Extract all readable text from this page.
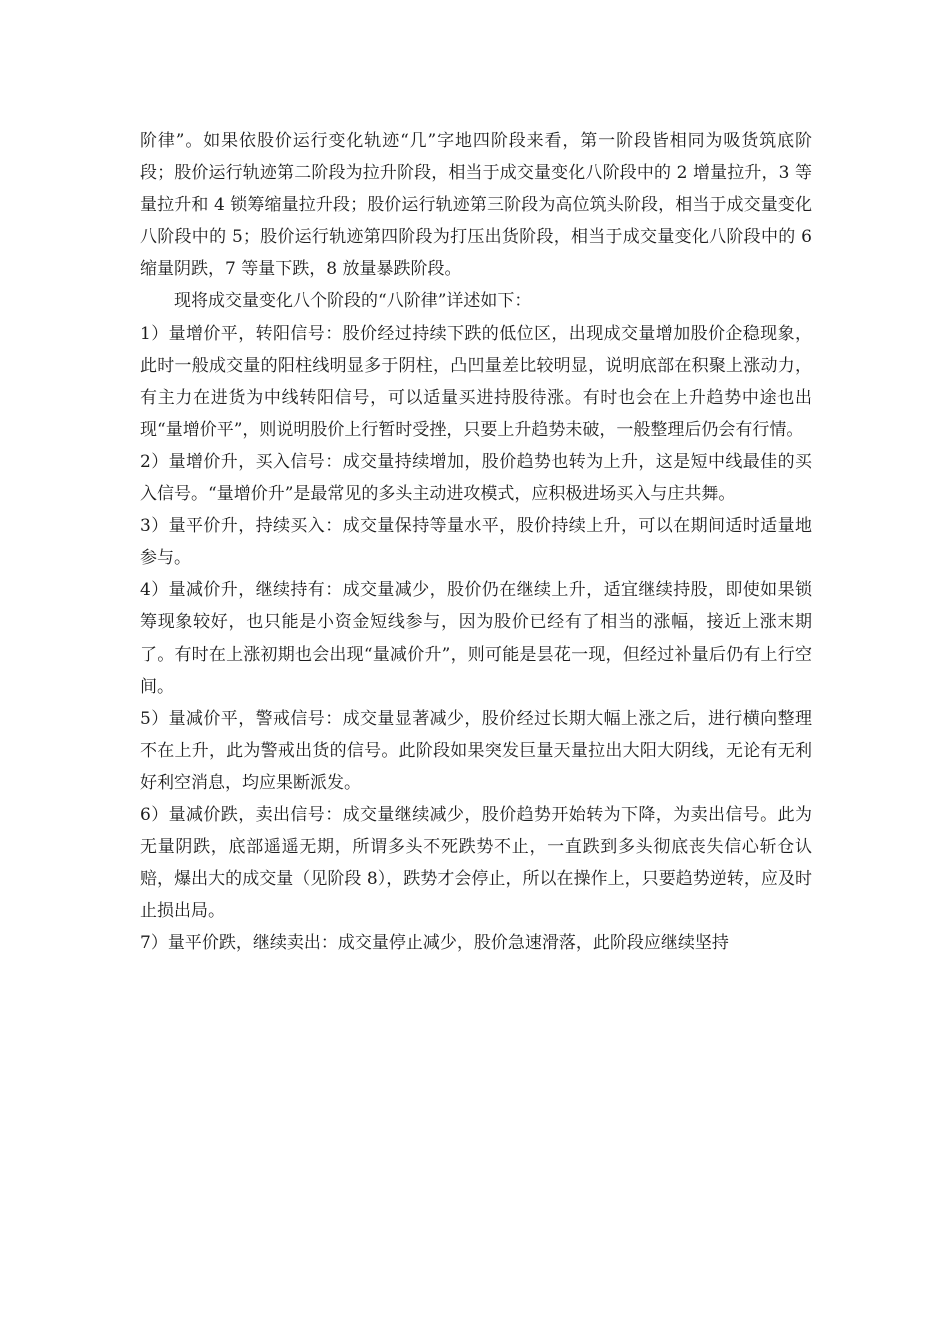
阶律”。如果依股价运行变化轨迹“几”字地四阶段来看，第一阶段皆相同为吸货筑底阶段；股价运行轨迹第二阶段为拉升阶段，相当于成交量变化八阶段中的 2 增量拉升，3 等量拉升和 4 锁筹缩量拉升段；股价运行轨迹第三阶段为高位筑头阶段，相当于成交量变化八阶段中的 5；股价运行轨迹第四阶段为打压出货阶段，相当于成交量变化八阶段中的 6 缩量阴跌，7 等量下跌，8 放量暴跌阶段。

现将成交量变化八个阶段的“八阶律”详述如下：

1）量增价平，转阳信号：股价经过持续下跌的低位区，出现成交量增加股价企稳现象，此时一般成交量的阳柱线明显多于阴柱，凸凹量差比较明显，说明底部在积聚上涨动力，有主力在进货为中线转阳信号，可以适量买进持股待涨。有时也会在上升趋势中途也出现“量增价平”，则说明股价上行暂时受挫，只要上升趋势未破，一般整理后仍会有行情。

2）量增价升，买入信号：成交量持续增加，股价趋势也转为上升，这是短中线最佳的买入信号。“量增价升”是最常见的多头主动进攻模式，应积极进场买入与庄共舞。

3）量平价升，持续买入：成交量保持等量水平，股价持续上升，可以在期间适时适量地参与。

4）量减价升，继续持有：成交量减少，股价仍在继续上升，适宜继续持股，即使如果锁筹现象较好，也只能是小资金短线参与，因为股价已经有了相当的涨幅，接近上涨末期了。有时在上涨初期也会出现“量减价升”，则可能是昙花一现，但经过补量后仍有上行空间。

5）量减价平，警戒信号：成交量显著减少，股价经过长期大幅上涨之后，进行横向整理不在上升，此为警戒出货的信号。此阶段如果突发巨量天量拉出大阳大阴线，无论有无利好利空消息，均应果断派发。

6）量减价跌，卖出信号：成交量继续减少，股价趋势开始转为下降，为卖出信号。此为无量阴跌，底部遥遥无期，所谓多头不死跌势不止，一直跌到多头彻底丧失信心斩仓认赔，爆出大的成交量（见阶段 8），跌势才会停止，所以在操作上，只要趋势逆转，应及时止损出局。

7）量平价跌，继续卖出：成交量停止减少，股价急速滑落，此阶段应继续坚持
